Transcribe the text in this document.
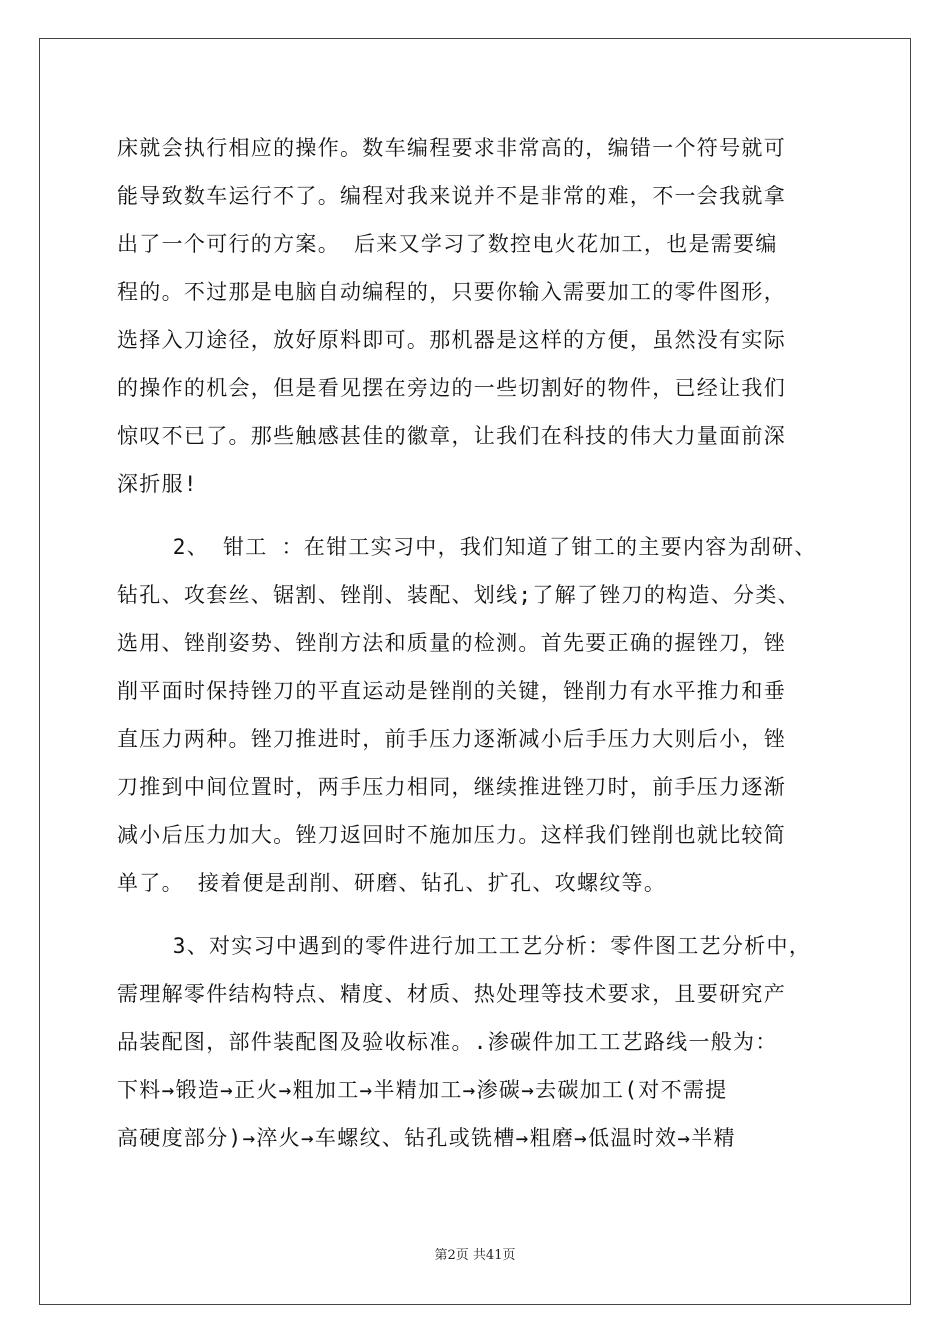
床就会执行相应的操作。数车编程要求非常高的，编错一个符号就可
能导致数车运行不了。编程对我来说并不是非常的难，不一会我就拿
出了一个可行的方案。 后来又学习了数控电火花加工，也是需要编
程的。不过那是电脑自动编程的，只要你输入需要加工的零件图形，
选择入刀途径，放好原料即可。那机器是这样的方便，虽然没有实际
的操作的机会，但是看见摆在旁边的一些切割好的物件，已经让我们
惊叹不已了。那些触感甚佳的徽章，让我们在科技的伟大力量面前深
深折服!
2、 钳工 ：在钳工实习中，我们知道了钳工的主要内容为刮研、
钻孔、攻套丝、锯割、锉削、装配、划线;了解了锉刀的构造、分类、
选用、锉削姿势、锉削方法和质量的检测。首先要正确的握锉刀，锉
削平面时保持锉刀的平直运动是锉削的关键，锉削力有水平推力和垂
直压力两种。锉刀推进时，前手压力逐渐减小后手压力大则后小，锉
刀推到中间位置时，两手压力相同，继续推进锉刀时，前手压力逐渐
减小后压力加大。锉刀返回时不施加压力。这样我们锉削也就比较简
单了。 接着便是刮削、研磨、钻孔、扩孔、攻螺纹等。
3、对实习中遇到的零件进行加工工艺分析：零件图工艺分析中，
需理解零件结构特点、精度、材质、热处理等技术要求，且要研究产
品装配图，部件装配图及验收标准。.渗碳件加工工艺路线一般为：
下料→锻造→正火→粗加工→半精加工→渗碳→去碳加工(对不需提
高硬度部分)→淬火→车螺纹、钻孔或铣槽→粗磨→低温时效→半精
第2页 共41页
